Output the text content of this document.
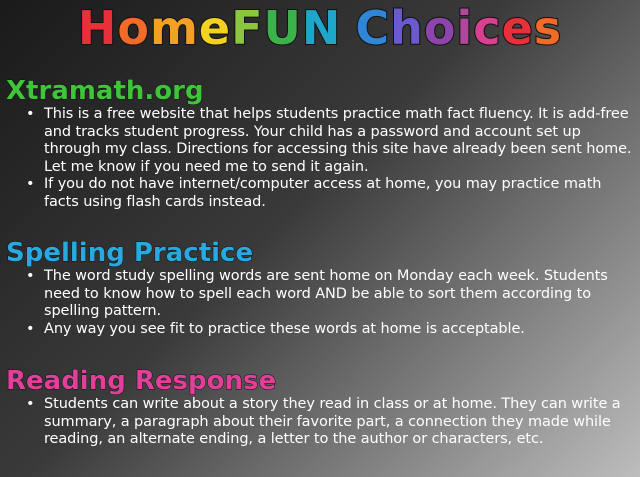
HomeFUN Choices
Xtramath.org
• This is a free website that helps students practice math fact fluency. It is add-free and tracks student progress. Your child has a password and account set up through my class. Directions for accessing this site have already been sent home. Let me know if you need me to send it again.
• If you do not have internet/computer access at home, you may practice math facts using flash cards instead.
Spelling Practice
• The word study spelling words are sent home on Monday each week. Students need to know how to spell each word AND be able to sort them according to spelling pattern.
• Any way you see fit to practice these words at home is acceptable.
Reading Response
• Students can write about a story they read in class or at home. They can write a summary, a paragraph about their favorite part, a connection they made while reading, an alternate ending, a letter to the author or characters, etc.
